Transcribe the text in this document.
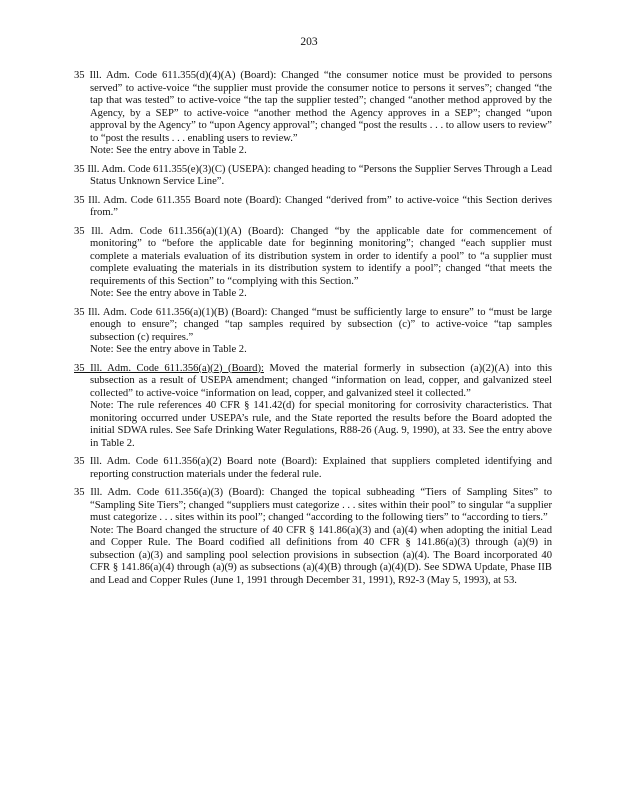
203
35 Ill. Adm. Code 611.355(d)(4)(A) (Board): Changed “the consumer notice must be provided to persons served” to active-voice “the supplier must provide the consumer notice to persons it serves”; changed “the tap that was tested” to active-voice “the tap the supplier tested”; changed “another method approved by the Agency, by a SEP” to active-voice “another method the Agency approves in a SEP”; changed “upon approval by the Agency” to “upon Agency approval”; changed “post the results . . . to allow users to review” to “post the results . . . enabling users to review.”
Note: See the entry above in Table 2.
35 Ill. Adm. Code 611.355(e)(3)(C) (USEPA): changed heading to “Persons the Supplier Serves Through a Lead Status Unknown Service Line”.
35 Ill. Adm. Code 611.355 Board note (Board): Changed “derived from” to active-voice “this Section derives from.”
35 Ill. Adm. Code 611.356(a)(1)(A) (Board): Changed “by the applicable date for commencement of monitoring” to “before the applicable date for beginning monitoring”; changed “each supplier must complete a materials evaluation of its distribution system in order to identify a pool” to “a supplier must complete evaluating the materials in its distribution system to identify a pool”; changed “that meets the requirements of this Section” to “complying with this Section.”
Note: See the entry above in Table 2.
35 Ill. Adm. Code 611.356(a)(1)(B) (Board): Changed “must be sufficiently large to ensure” to “must be large enough to ensure”; changed “tap samples required by subsection (c)” to active-voice “tap samples subsection (c) requires.”
Note: See the entry above in Table 2.
35 Ill. Adm. Code 611.356(a)(2) (Board): Moved the material formerly in subsection (a)(2)(A) into this subsection as a result of USEPA amendment; changed “information on lead, copper, and galvanized steel collected” to active-voice “information on lead, copper, and galvanized steel it collected.”
Note: The rule references 40 CFR § 141.42(d) for special monitoring for corrosivity characteristics. That monitoring occurred under USEPA’s rule, and the State reported the results before the Board adopted the initial SDWA rules. See Safe Drinking Water Regulations, R88-26 (Aug. 9, 1990), at 33. See the entry above in Table 2.
35 Ill. Adm. Code 611.356(a)(2) Board note (Board): Explained that suppliers completed identifying and reporting construction materials under the federal rule.
35 Ill. Adm. Code 611.356(a)(3) (Board): Changed the topical subheading “Tiers of Sampling Sites” to “Sampling Site Tiers”; changed “suppliers must categorize . . . sites within their pool” to singular “a supplier must categorize . . . sites within its pool”; changed “according to the following tiers” to “according to tiers.”
Note: The Board changed the structure of 40 CFR § 141.86(a)(3) and (a)(4) when adopting the initial Lead and Copper Rule. The Board codified all definitions from 40 CFR § 141.86(a)(3) through (a)(9) in subsection (a)(3) and sampling pool selection provisions in subsection (a)(4). The Board incorporated 40 CFR § 141.86(a)(4) through (a)(9) as subsections (a)(4)(B) through (a)(4)(D). See SDWA Update, Phase IIB and Lead and Copper Rules (June 1, 1991 through December 31, 1991), R92-3 (May 5, 1993), at 53.
